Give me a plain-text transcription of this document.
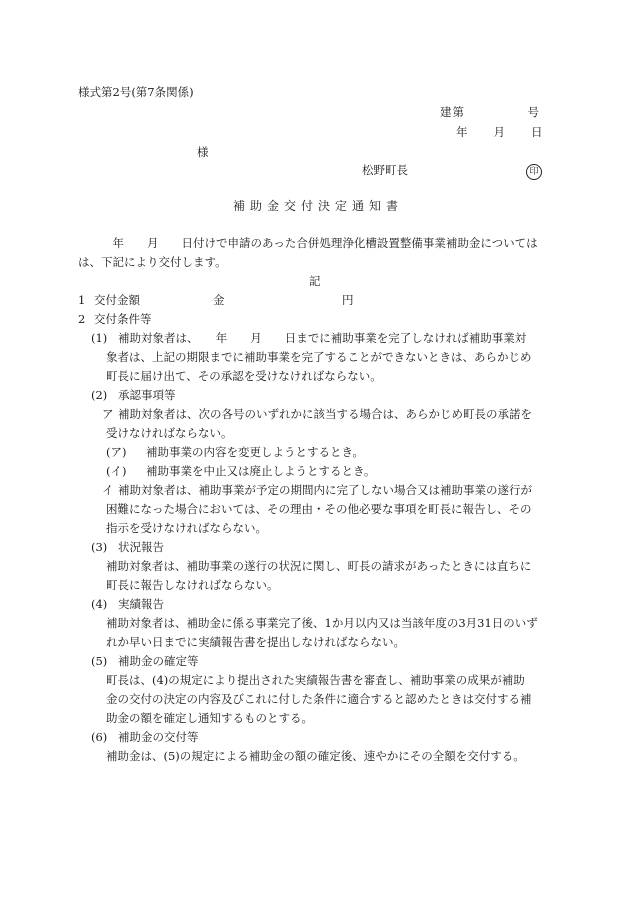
様式第2号(第7条関係)
建第　　　　　号
年　　月　　日
様
松野町長	印
補助金交付決定通知書
　　　年　　月　　日付けで申請のあった合併処理浄化槽設置整備事業補助金については
は、下記により交付します。
記
1 交付金額	金	円
2 交付条件等
(1) 補助対象者は、　　年　　月　　日までに補助事業を完了しなければ補助事業対
象者は、上記の期限までに補助事業を完了することができないときは、あらかじめ
町長に届け出て、その承認を受けなければならない。
(2) 承認事項等
ア 補助対象者は、次の各号のいずれかに該当する場合は、あらかじめ町長の承諾を
受けなければならない。
(ア) 補助事業の内容を変更しようとするとき。
(イ) 補助事業を中止又は廃止しようとするとき。
イ 補助対象者は、補助事業が予定の期間内に完了しない場合又は補助事業の遂行が
困難になった場合においては、その理由・その他必要な事項を町長に報告し、その
指示を受けなければならない。
(3) 状況報告
補助対象者は、補助事業の遂行の状況に関し、町長の請求があったときには直ちに
町長に報告しなければならない。
(4) 実績報告
補助対象者は、補助金に係る事業完了後、1か月以内又は当該年度の3月31日のいず
れか早い日までに実績報告書を提出しなければならない。
(5) 補助金の確定等
町長は、(4)の規定により提出された実績報告書を審査し、補助事業の成果が補助
金の交付の決定の内容及びこれに付した条件に適合すると認めたときは交付する補
助金の額を確定し通知するものとする。
(6) 補助金の交付等
補助金は、(5)の規定による補助金の額の確定後、速やかにその全額を交付する。
